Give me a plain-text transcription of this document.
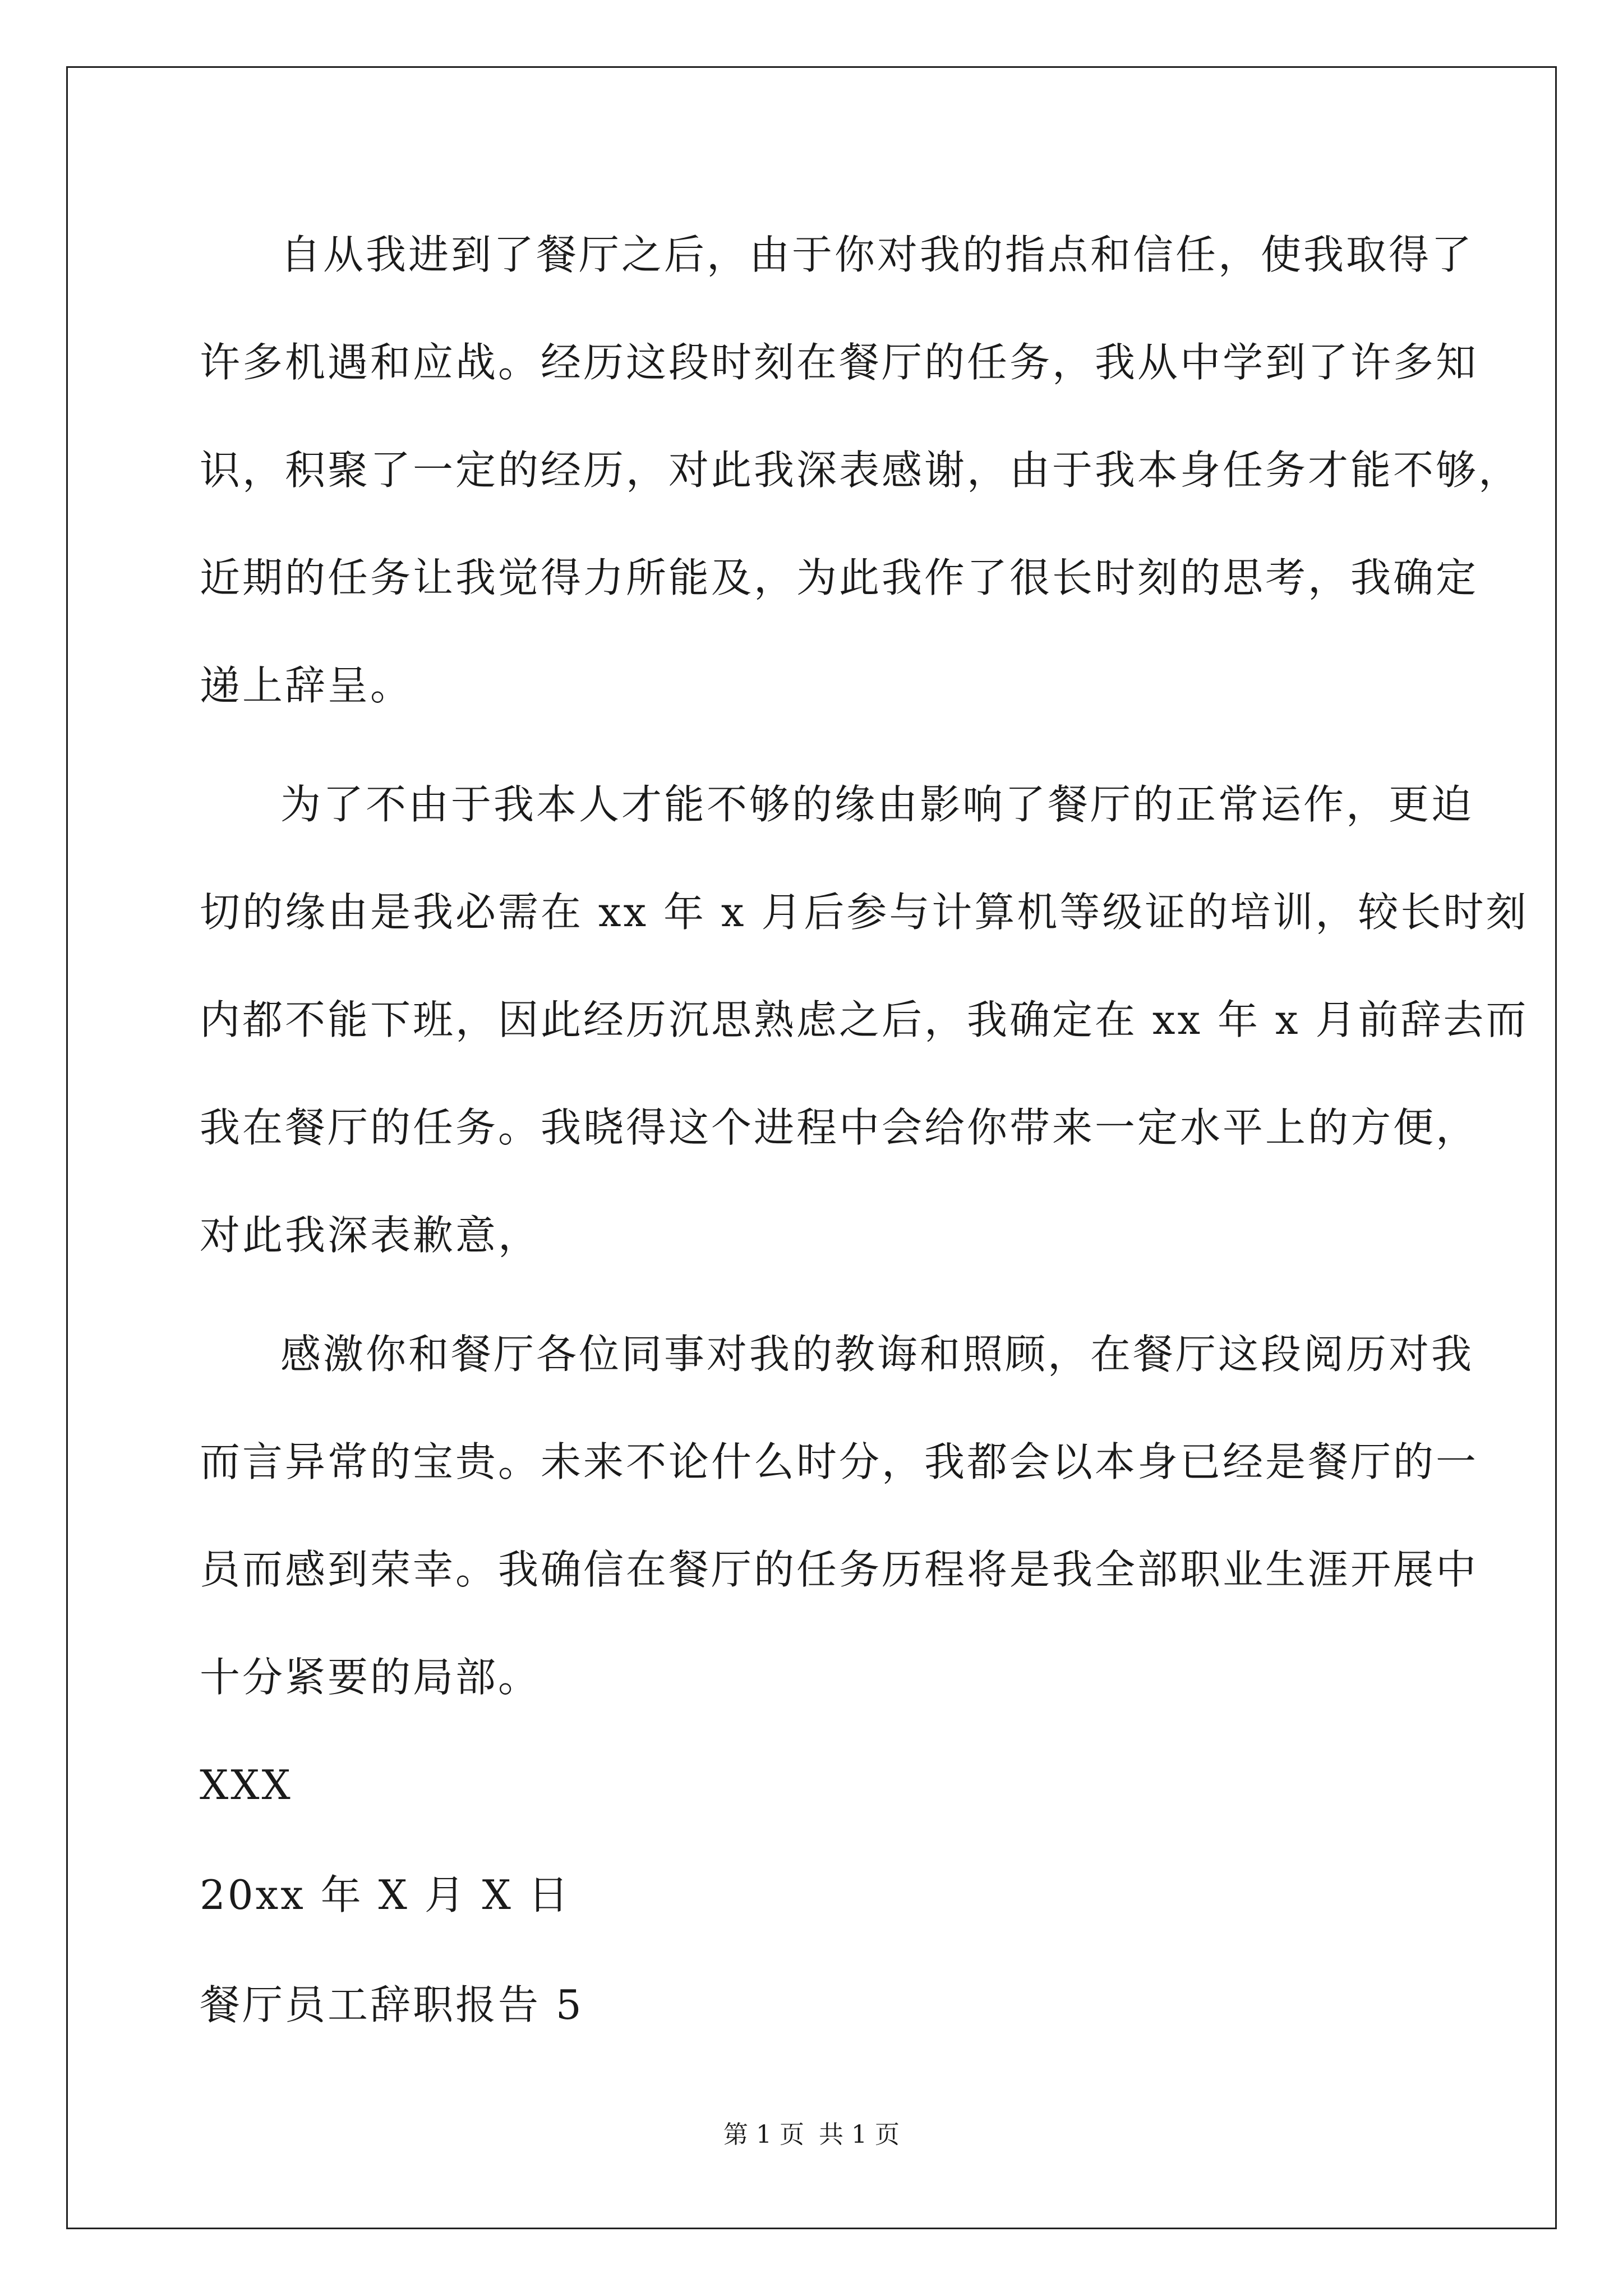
自从我进到了餐厅之后，由于你对我的指点和信任，使我取得了
许多机遇和应战。经历这段时刻在餐厅的任务，我从中学到了许多知
识，积聚了一定的经历，对此我深表感谢，由于我本身任务才能不够，
近期的任务让我觉得力所能及，为此我作了很长时刻的思考，我确定
递上辞呈。
为了不由于我本人才能不够的缘由影响了餐厅的正常运作，更迫
切的缘由是我必需在 xx 年 x 月后参与计算机等级证的培训，较长时刻
内都不能下班，因此经历沉思熟虑之后，我确定在 xx 年 x 月前辞去而
我在餐厅的任务。我晓得这个进程中会给你带来一定水平上的方便，
对此我深表歉意，
感激你和餐厅各位同事对我的教诲和照顾，在餐厅这段阅历对我
而言异常的宝贵。未来不论什么时分，我都会以本身已经是餐厅的一
员而感到荣幸。我确信在餐厅的任务历程将是我全部职业生涯开展中
十分紧要的局部。
XXX
20xx 年 X 月 X 日
餐厅员工辞职报告 5
第 1 页 共 1 页
